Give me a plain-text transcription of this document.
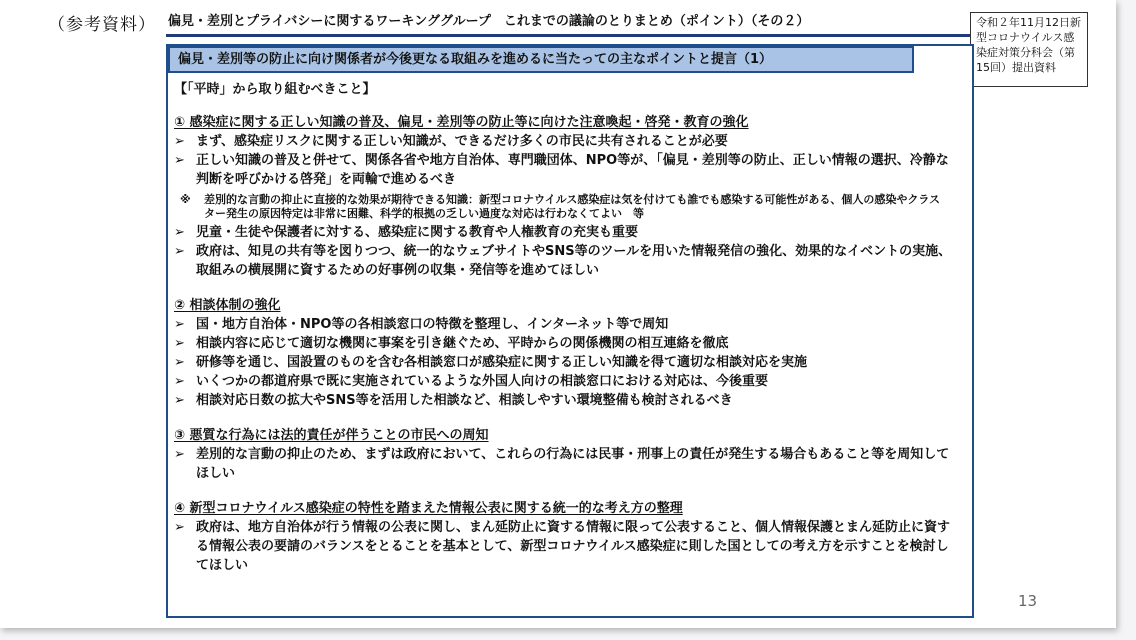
（参考資料） 偏見・差別とプライバシーに関するワーキンググループ　これまでの議論のとりまとめ（ポイント）（その２）	令和２年11月12日新型コロナウイルス感染症対策分科会（第15回）提出資料
偏見・差別等の防止に向け関係者が今後更なる取組みを進めるに当たっての主なポイントと提言（1）
【「平時」から取り組むべきこと】
① 感染症に関する正しい知識の普及、偏見・差別等の防止等に向けた注意喚起・啓発・教育の強化
➢ まず、感染症リスクに関する正しい知識が、できるだけ多くの市民に共有されることが必要
➢ 正しい知識の普及と併せて、関係各省や地方自治体、専門職団体、NPO等が、「偏見・差別等の防止、正しい情報の選択、冷静な判断を呼びかける啓発」を両輪で進めるべき
※	差別的な言動の抑止に直接的な効果が期待できる知識：新型コロナウイルス感染症は気を付けても誰でも感染する可能性がある、個人の感染やクラスター発生の原因特定は非常に困難、科学的根拠の乏しい過度な対応は行わなくてよい　等
➢ 児童・生徒や保護者に対する、感染症に関する教育や人権教育の充実も重要
➢ 政府は、知見の共有等を図りつつ、統一的なウェブサイトやSNS等のツールを用いた情報発信の強化、効果的なイベントの実施、取組みの横展開に資するための好事例の収集・発信等を進めてほしい
② 相談体制の強化
➢ 国・地方自治体・NPO等の各相談窓口の特徴を整理し、インターネット等で周知
➢ 相談内容に応じて適切な機関に事案を引き継ぐため、平時からの関係機関の相互連絡を徹底
➢ 研修等を通じ、国設置のものを含む各相談窓口が感染症に関する正しい知識を得て適切な相談対応を実施
➢ いくつかの都道府県で既に実施されているような外国人向けの相談窓口における対応は、今後重要
➢ 相談対応日数の拡大やSNS等を活用した相談など、相談しやすい環境整備も検討されるべき
③ 悪質な行為には法的責任が伴うことの市民への周知
➢ 差別的な言動の抑止のため、まずは政府において、これらの行為には民事・刑事上の責任が発生する場合もあること等を周知してほしい
④ 新型コロナウイルス感染症の特性を踏まえた情報公表に関する統一的な考え方の整理
➢ 政府は、地方自治体が行う情報の公表に関し、まん延防止に資する情報に限って公表すること、個人情報保護とまん延防止に資する情報公表の要請のバランスをとることを基本として、新型コロナウイルス感染症に則した国としての考え方を示すことを検討してほしい
13
